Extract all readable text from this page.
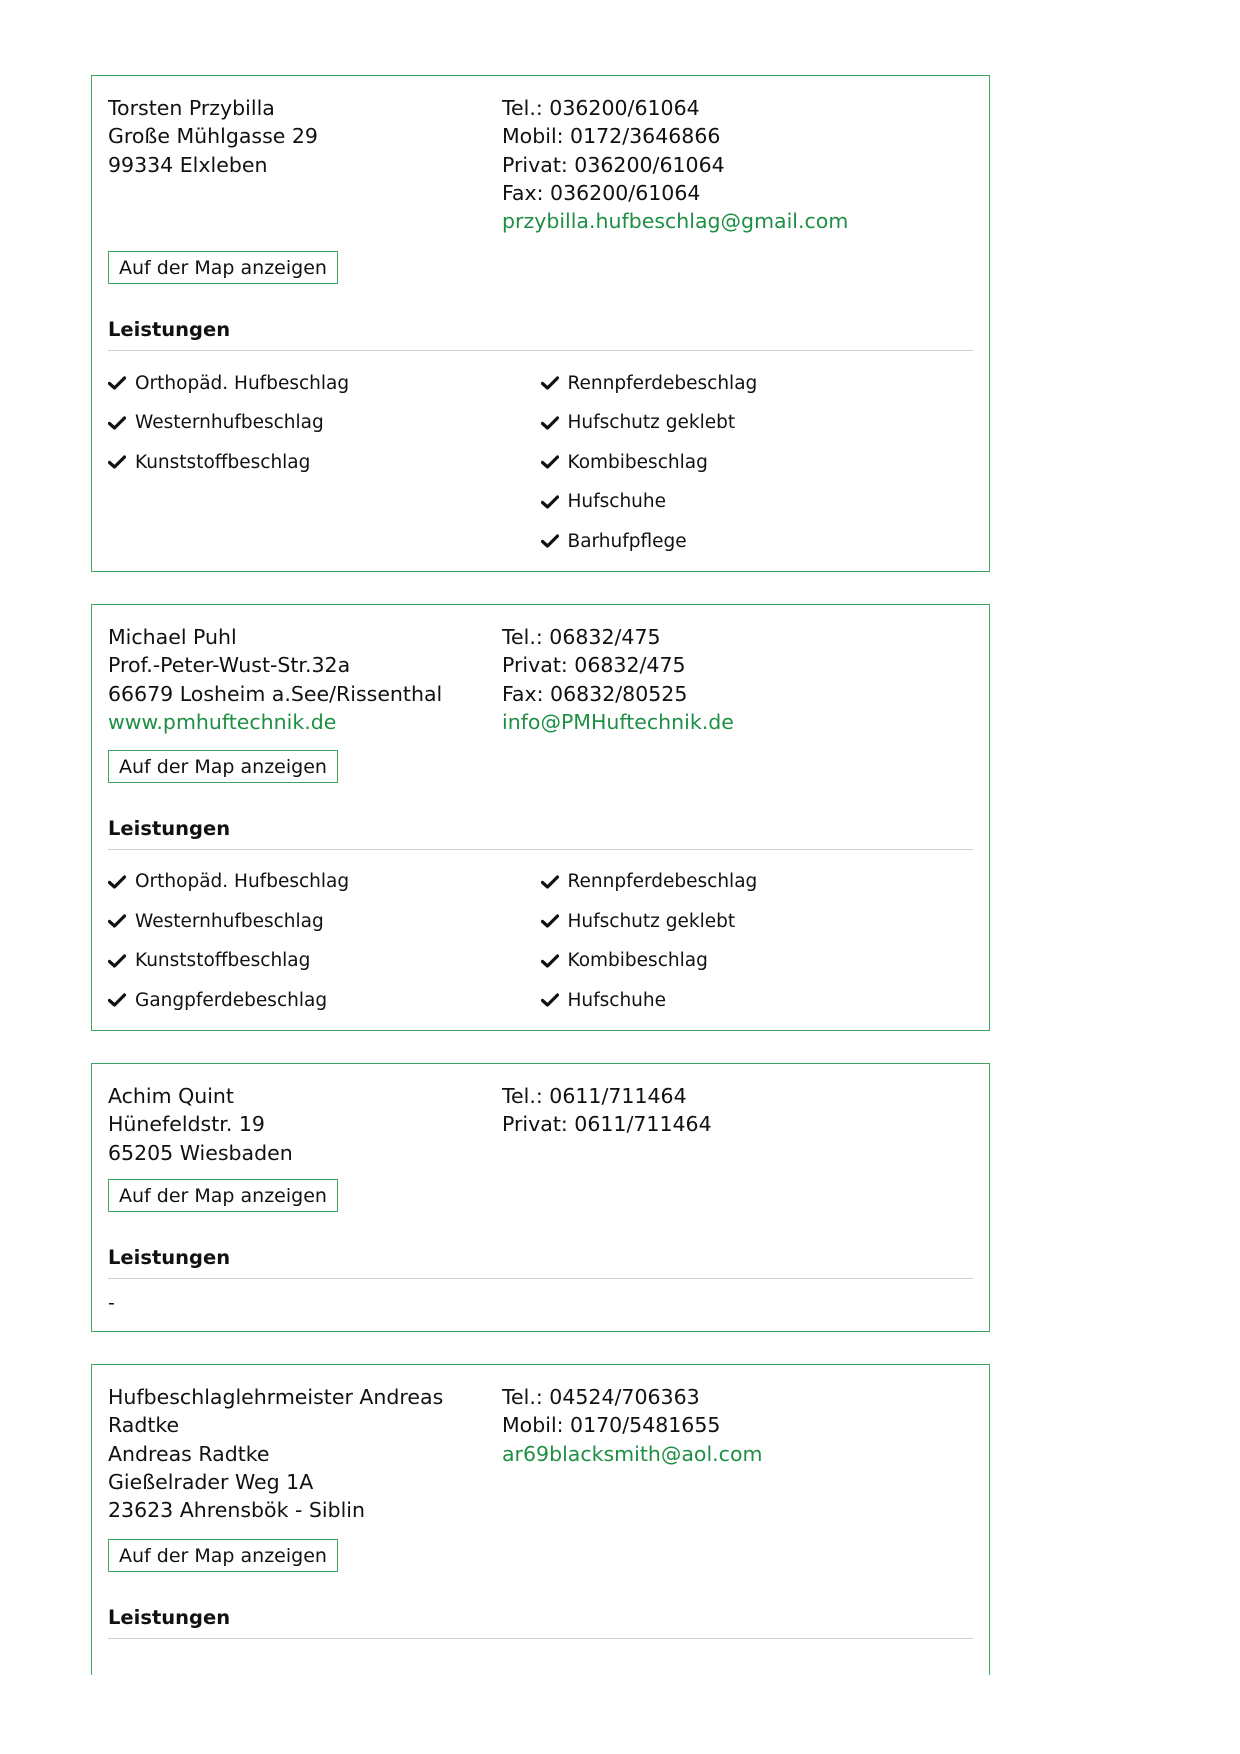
Torsten Przybilla
Große Mühlgasse 29
99334 Elxleben
Tel.: 036200/61064
Mobil: 0172/3646866
Privat: 036200/61064
Fax: 036200/61064
przybilla.hufbeschlag@gmail.com
Auf der Map anzeigen
Leistungen
Orthopäd. Hufbeschlag
Westernhufbeschlag
Kunststoffbeschlag
Rennpferdebeschlag
Hufschutz geklebt
Kombibeschlag
Hufschuhe
Barhufpflege
Michael Puhl
Prof.-Peter-Wust-Str.32a
66679 Losheim a.See/Rissenthal
www.pmhuftechnik.de
Tel.: 06832/475
Privat: 06832/475
Fax: 06832/80525
info@PMHuftechnik.de
Auf der Map anzeigen
Leistungen
Orthopäd. Hufbeschlag
Westernhufbeschlag
Kunststoffbeschlag
Gangpferdebeschlag
Rennpferdebeschlag
Hufschutz geklebt
Kombibeschlag
Hufschuhe
Achim Quint
Hünefeldstr. 19
65205 Wiesbaden
Tel.: 0611/711464
Privat: 0611/711464
Auf der Map anzeigen
Leistungen
-
Hufbeschlaglehrmeister Andreas
Radtke
Andreas Radtke
Gießelrader Weg 1A
23623 Ahrensbök - Siblin
Tel.: 04524/706363
Mobil: 0170/5481655
ar69blacksmith@aol.com
Auf der Map anzeigen
Leistungen
